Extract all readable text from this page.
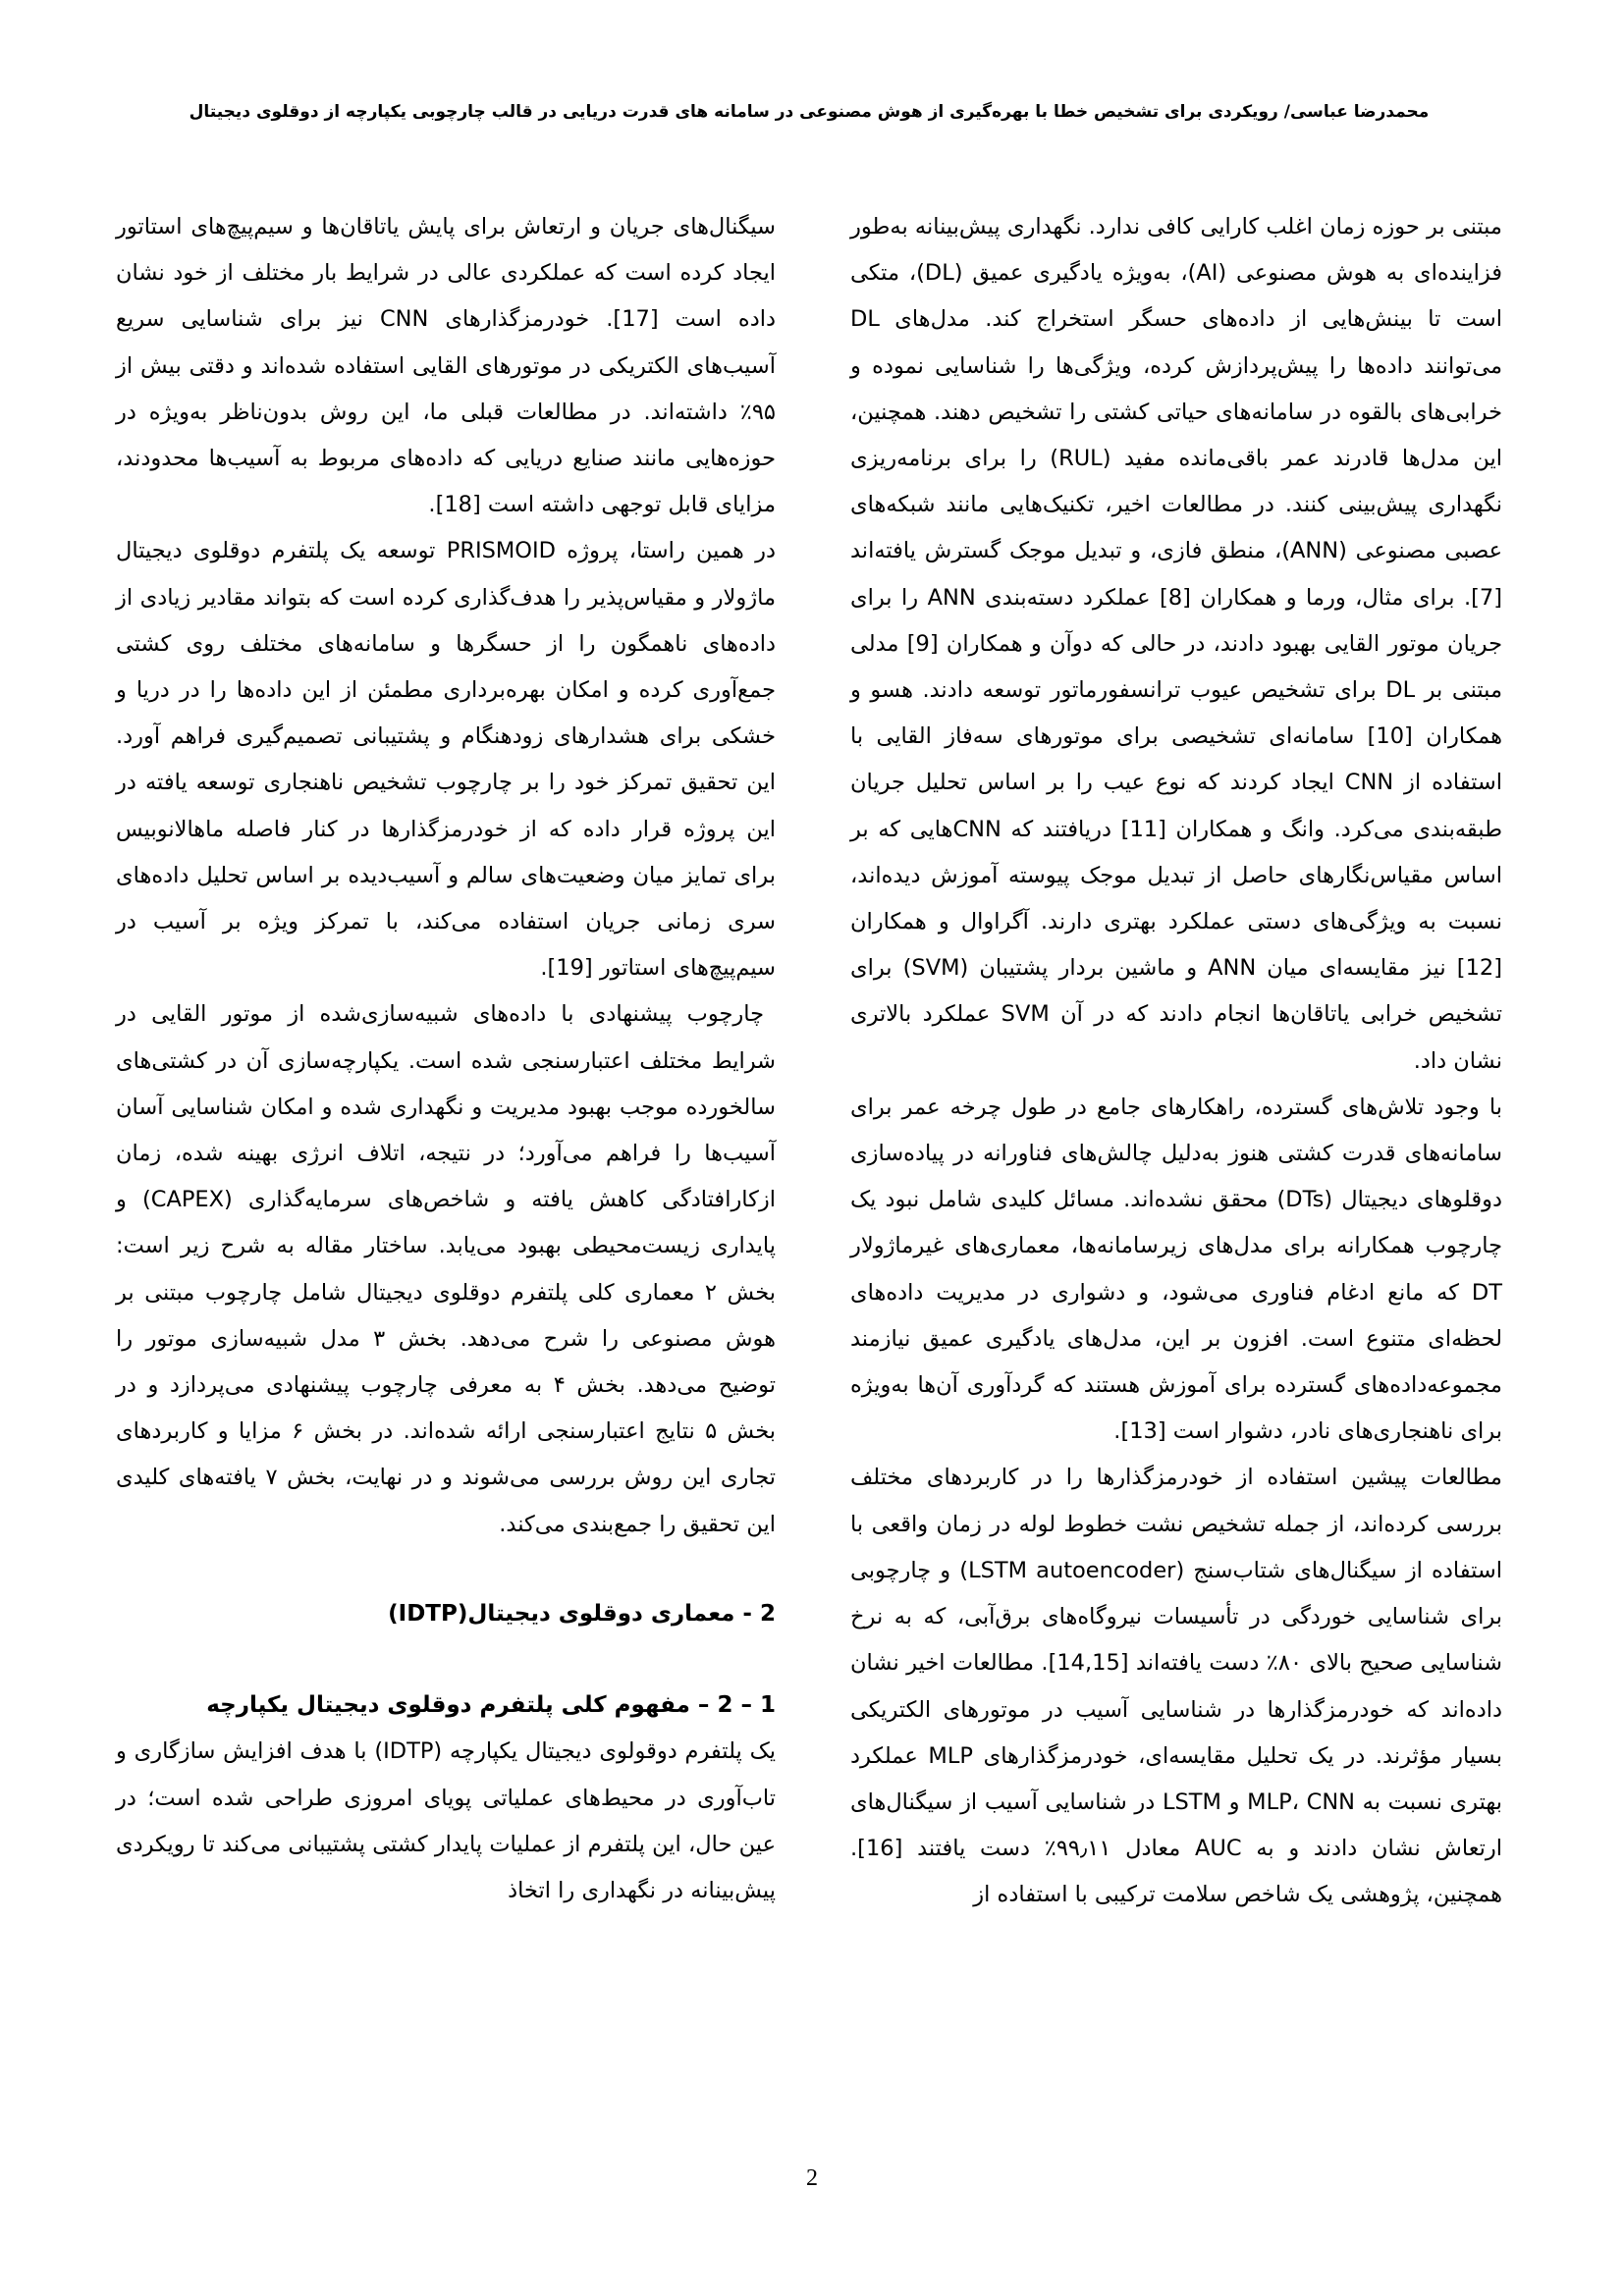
محمدرضا عباسی/ رویکردی برای تشخیص خطا با بهره‌گیری از هوش مصنوعی در سامانه های قدرت دریایی در قالب چارچوبی یکپارچه از دوقلوی دیجیتال

مبتنی بر حوزه زمان اغلب کارایی کافی ندارد. نگهداری پیش‌بینانه به‌طور فزاینده‌ای به هوش مصنوعی (AI)، به‌ویژه یادگیری عمیق (DL)، متکی است تا بینش‌هایی از داده‌های حسگر استخراج کند. مدل‌های DL می‌توانند داده‌ها را پیش‌پردازش کرده، ویژگی‌ها را شناسایی نموده و خرابی‌های بالقوه در سامانه‌های حیاتی کشتی را تشخیص دهند. همچنین، این مدل‌ها قادرند عمر باقی‌مانده مفید (RUL) را برای برنامه‌ریزی نگهداری پیش‌بینی کنند. در مطالعات اخیر، تکنیک‌هایی مانند شبکه‌های عصبی مصنوعی (ANN)، منطق فازی، و تبدیل موجک گسترش یافته‌اند [7]. برای مثال، ورما و همکاران [8] عملکرد دسته‌بندی ANN را برای جریان موتور القایی بهبود دادند، در حالی که دوآن و همکاران [9] مدلی مبتنی بر DL برای تشخیص عیوب ترانسفورماتور توسعه دادند. هسو و همکاران [10] سامانه‌ای تشخیصی برای موتورهای سه‌فاز القایی با استفاده از CNN ایجاد کردند که نوع عیب را بر اساس تحلیل جریان طبقه‌بندی می‌کرد. وانگ و همکاران [11] دریافتند که CNNهایی که بر اساس مقیاس‌نگارهای حاصل از تبدیل موجک پیوسته آموزش دیده‌اند، نسبت به ویژگی‌های دستی عملکرد بهتری دارند. آگراوال و همکاران [12] نیز مقایسه‌ای میان ANN و ماشین بردار پشتیبان (SVM) برای تشخیص خرابی یاتاقان‌ها انجام دادند که در آن SVM عملکرد بالاتری نشان داد.

با وجود تلاش‌های گسترده، راهکارهای جامع در طول چرخه عمر برای سامانه‌های قدرت کشتی هنوز به‌دلیل چالش‌های فناورانه در پیاده‌سازی دوقلوهای دیجیتال (DTs) محقق نشده‌اند. مسائل کلیدی شامل نبود یک چارچوب همکارانه برای مدل‌های زیرسامانه‌ها، معماری‌های غیرماژولار DT که مانع ادغام فناوری می‌شود، و دشواری در مدیریت داده‌های لحظه‌ای متنوع است. افزون بر این، مدل‌های یادگیری عمیق نیازمند مجموعه‌داده‌های گسترده برای آموزش هستند که گردآوری آن‌ها به‌ویژه برای ناهنجاری‌های نادر، دشوار است [13].

مطالعات پیشین استفاده از خودرمزگذارها را در کاربردهای مختلف بررسی کرده‌اند، از جمله تشخیص نشت خطوط لوله در زمان واقعی با استفاده از سیگنال‌های شتاب‌سنج (LSTM autoencoder) و چارچوبی برای شناسایی خوردگی در تأسیسات نیروگاه‌های برق‌آبی، که به نرخ شناسایی صحیح بالای ۸۰٪ دست یافته‌اند [14,15]. مطالعات اخیر نشان داده‌اند که خودرمزگذارها در شناسایی آسیب در موتورهای الکتریکی بسیار مؤثرند. در یک تحلیل مقایسه‌ای، خودرمزگذارهای MLP عملکرد بهتری نسبت به MLP، CNN و LSTM در شناسایی آسیب از سیگنال‌های ارتعاش نشان دادند و به AUC معادل ۹۹٫۱۱٪ دست یافتند [16]. همچنین، پژوهشی یک شاخص سلامت ترکیبی با استفاده از

سیگنال‌های جریان و ارتعاش برای پایش یاتاقان‌ها و سیم‌پیچ‌های استاتور ایجاد کرده است که عملکردی عالی در شرایط بار مختلف از خود نشان داده است [17]. خودرمزگذارهای CNN نیز برای شناسایی سریع آسیب‌های الکتریکی در موتورهای القایی استفاده شده‌اند و دقتی بیش از ۹۵٪ داشته‌اند. در مطالعات قبلی ما، این روش بدون‌ناظر به‌ویژه در حوزه‌هایی مانند صنایع دریایی که داده‌های مربوط به آسیب‌ها محدودند، مزایای قابل توجهی داشته است [18].

در همین راستا، پروژه PRISMOID توسعه یک پلتفرم دوقلوی دیجیتال ماژولار و مقیاس‌پذیر را هدف‌گذاری کرده است که بتواند مقادیر زیادی از داده‌های ناهمگون را از حسگرها و سامانه‌های مختلف روی کشتی جمع‌آوری کرده و امکان بهره‌برداری مطمئن از این داده‌ها را در دریا و خشکی برای هشدارهای زودهنگام و پشتیبانی تصمیم‌گیری فراهم آورد. این تحقیق تمرکز خود را بر چارچوب تشخیص ناهنجاری توسعه یافته در این پروژه قرار داده که از خودرمزگذارها در کنار فاصله ماهالانوبیس برای تمایز میان وضعیت‌های سالم و آسیب‌دیده بر اساس تحلیل داده‌های سری زمانی جریان استفاده می‌کند، با تمرکز ویژه بر آسیب در سیم‌پیچ‌های استاتور [19].

چارچوب پیشنهادی با داده‌های شبیه‌سازی‌شده از موتور القایی در شرایط مختلف اعتبارسنجی شده است. یکپارچه‌سازی آن در کشتی‌های سالخورده موجب بهبود مدیریت و نگهداری شده و امکان شناسایی آسان آسیب‌ها را فراهم می‌آورد؛ در نتیجه، اتلاف انرژی بهینه شده، زمان ازکارافتادگی کاهش یافته و شاخص‌های سرمایه‌گذاری (CAPEX) و پایداری زیست‌محیطی بهبود می‌یابد. ساختار مقاله به شرح زیر است: بخش ۲ معماری کلی پلتفرم دوقلوی دیجیتال شامل چارچوب مبتنی بر هوش مصنوعی را شرح می‌دهد. بخش ۳ مدل شبیه‌سازی موتور را توضیح می‌دهد. بخش ۴ به معرفی چارچوب پیشنهادی می‌پردازد و در بخش ۵ نتایج اعتبارسنجی ارائه شده‌اند. در بخش ۶ مزایا و کاربردهای تجاری این روش بررسی می‌شوند و در نهایت، بخش ۷ یافته‌های کلیدی این تحقیق را جمع‌بندی می‌کند.

2 - معماری دوقلوی دیجیتال(IDTP)
1 – 2 – مفهوم کلی پلتفرم دوقلوی دیجیتال یکپارچه

یک پلتفرم دوقولوی دیجیتال یکپارچه (IDTP) با هدف افزایش سازگاری و تاب‌آوری در محیط‌های عملیاتی پویای امروزی طراحی شده است؛ در عین حال، این پلتفرم از عملیات پایدار کشتی پشتیبانی می‌کند تا رویکردی پیش‌بینانه در نگهداری را اتخاذ

2
